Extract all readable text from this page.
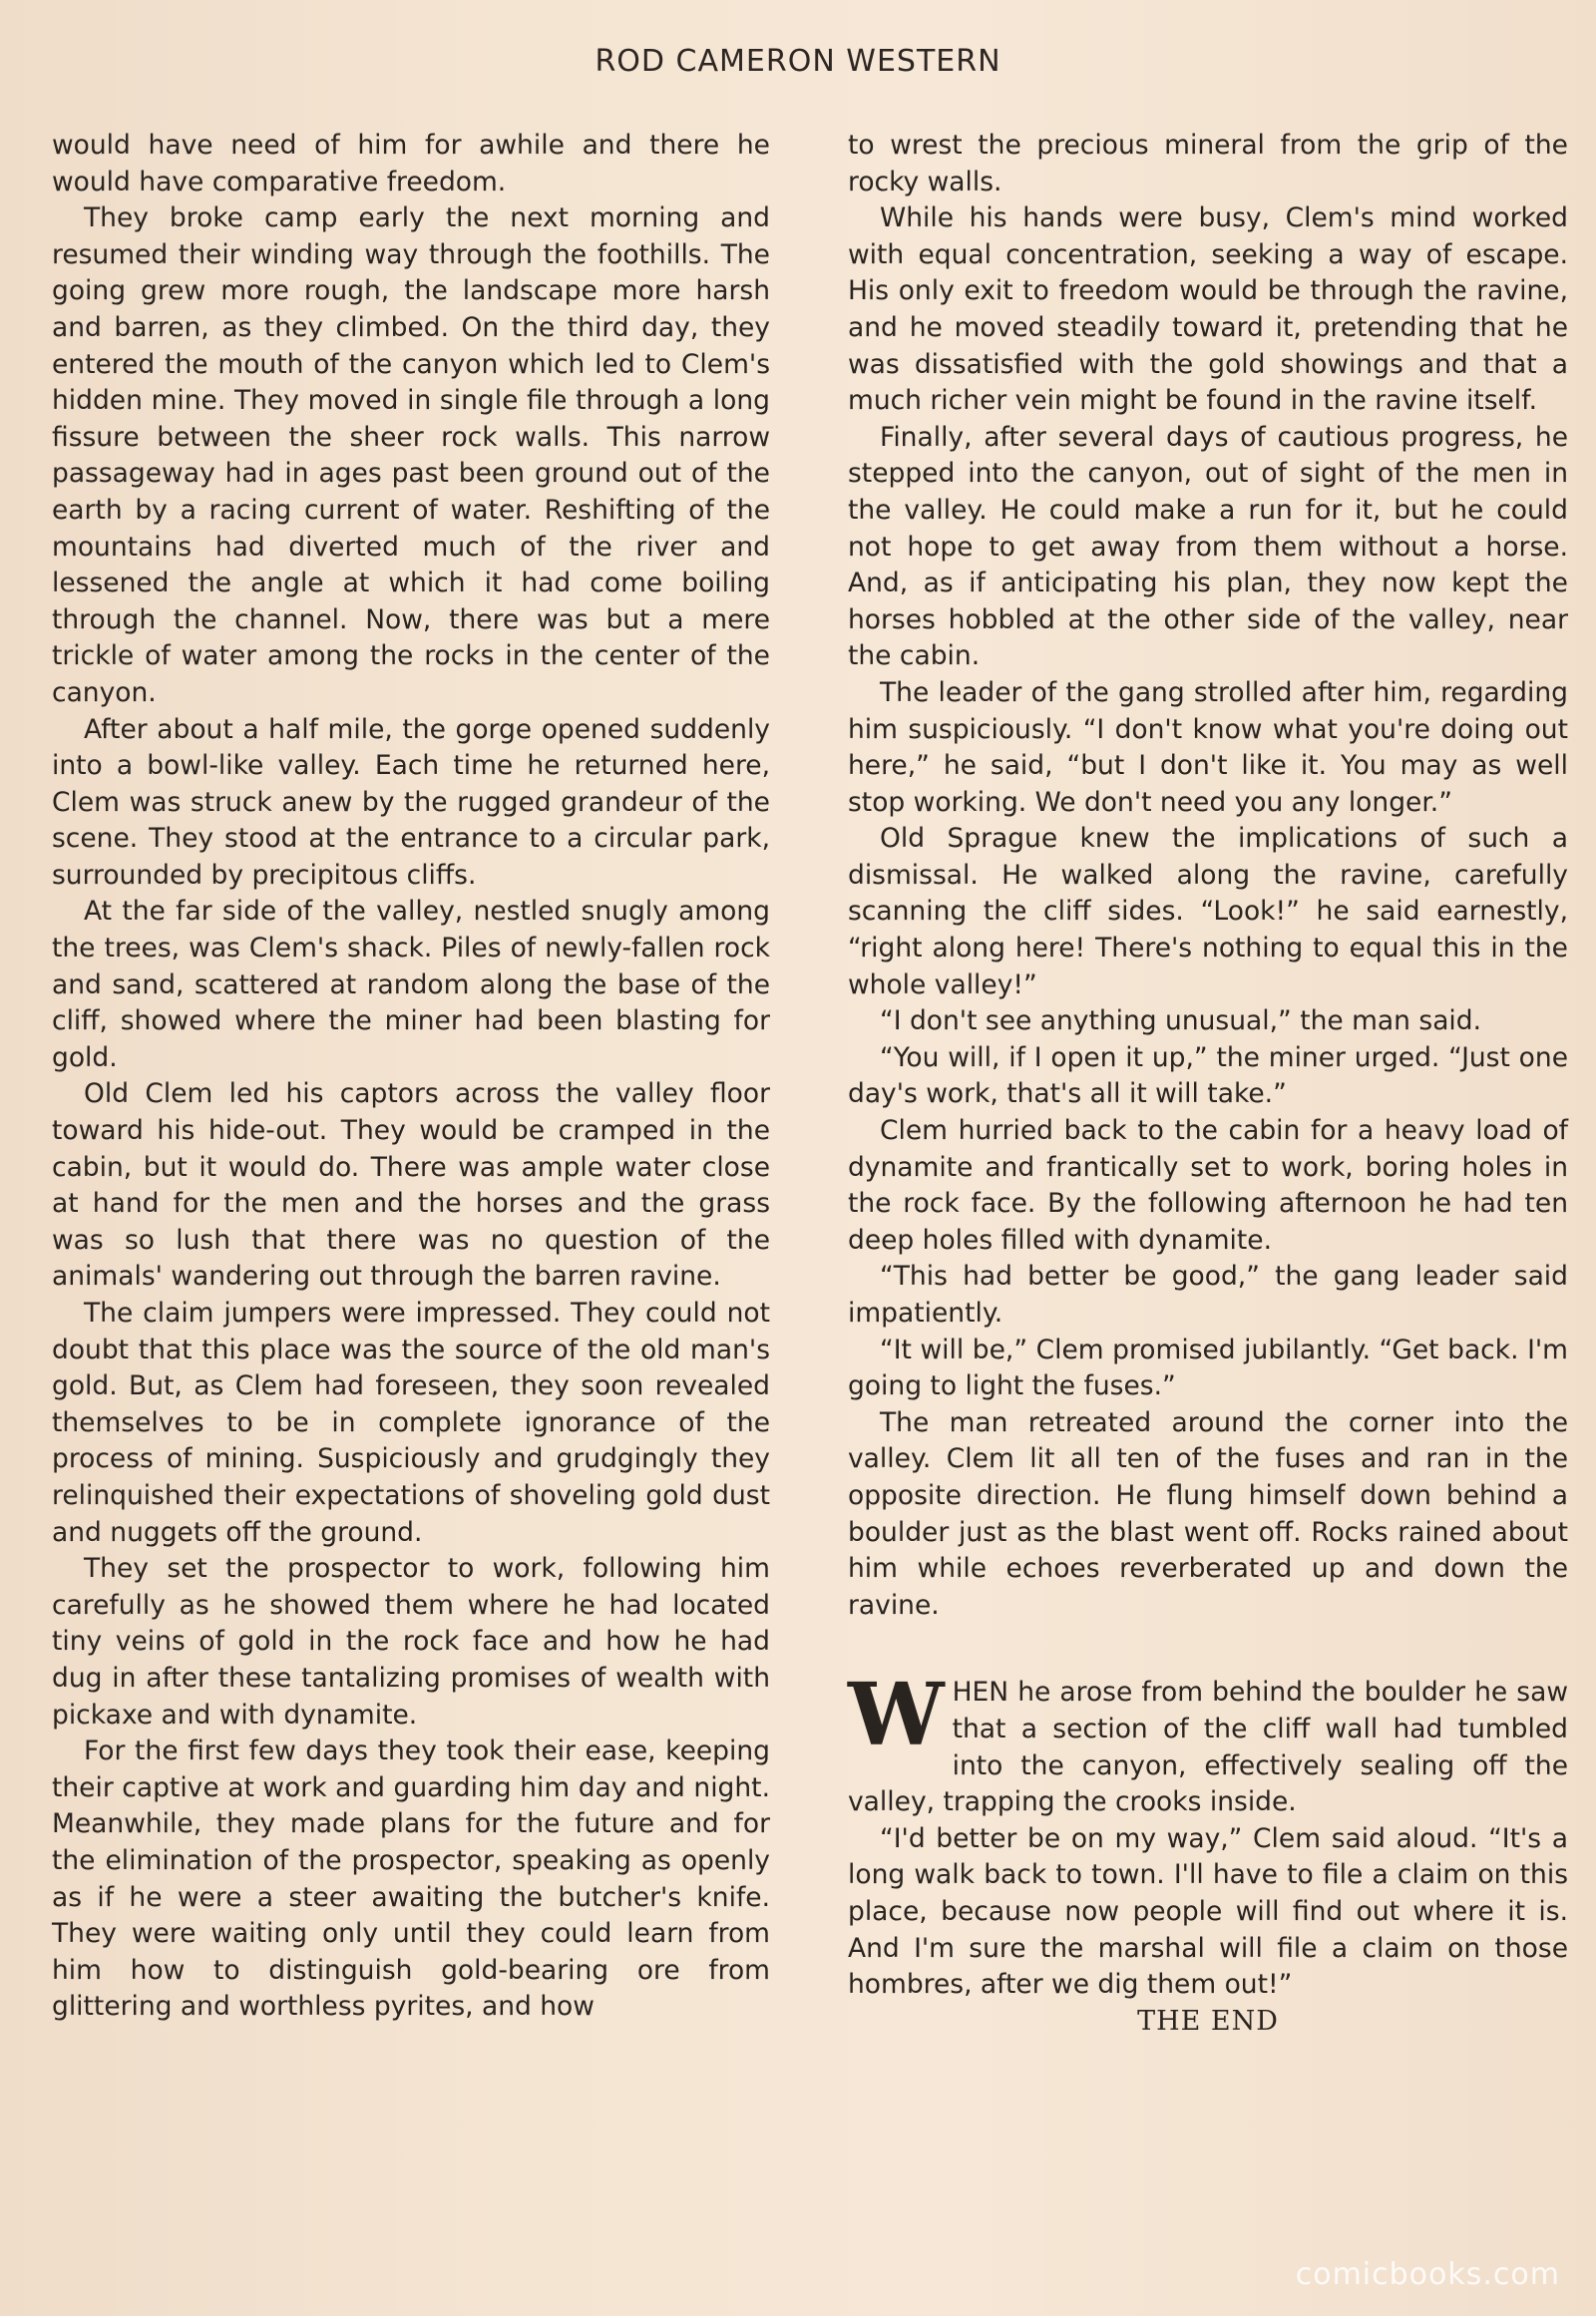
ROD CAMERON WESTERN

would have need of him for awhile and there he would have comparative freedom.

They broke camp early the next morning and resumed their winding way through the foothills. The going grew more rough, the landscape more harsh and barren, as they climbed. On the third day, they entered the mouth of the canyon which led to Clem's hidden mine. They moved in single file through a long fissure between the sheer rock walls. This narrow passageway had in ages past been ground out of the earth by a racing current of water. Reshifting of the mountains had diverted much of the river and lessened the angle at which it had come boiling through the channel. Now, there was but a mere trickle of water among the rocks in the center of the canyon.

After about a half mile, the gorge opened suddenly into a bowl-like valley. Each time he returned here, Clem was struck anew by the rugged grandeur of the scene. They stood at the entrance to a circular park, surrounded by precipitous cliffs.

At the far side of the valley, nestled snugly among the trees, was Clem's shack. Piles of newly-fallen rock and sand, scattered at random along the base of the cliff, showed where the miner had been blasting for gold.

Old Clem led his captors across the valley floor toward his hide-out. They would be cramped in the cabin, but it would do. There was ample water close at hand for the men and the horses and the grass was so lush that there was no question of the animals' wandering out through the barren ravine.

The claim jumpers were impressed. They could not doubt that this place was the source of the old man's gold. But, as Clem had foreseen, they soon revealed themselves to be in complete ignorance of the process of mining. Suspiciously and grudgingly they relinquished their expectations of shoveling gold dust and nuggets off the ground.

They set the prospector to work, following him carefully as he showed them where he had located tiny veins of gold in the rock face and how he had dug in after these tantalizing promises of wealth with pickaxe and with dynamite.

For the first few days they took their ease, keeping their captive at work and guarding him day and night. Meanwhile, they made plans for the future and for the elimination of the prospector, speaking as openly as if he were a steer awaiting the butcher's knife. They were waiting only until they could learn from him how to distinguish gold-bearing ore from glittering and worthless pyrites, and how

to wrest the precious mineral from the grip of the rocky walls.

While his hands were busy, Clem's mind worked with equal concentration, seeking a way of escape. His only exit to freedom would be through the ravine, and he moved steadily toward it, pretending that he was dissatisfied with the gold showings and that a much richer vein might be found in the ravine itself.

Finally, after several days of cautious progress, he stepped into the canyon, out of sight of the men in the valley. He could make a run for it, but he could not hope to get away from them without a horse. And, as if anticipating his plan, they now kept the horses hobbled at the other side of the valley, near the cabin.

The leader of the gang strolled after him, regarding him suspiciously. “I don't know what you're doing out here,” he said, “but I don't like it. You may as well stop working. We don't need you any longer.”

Old Sprague knew the implications of such a dismissal. He walked along the ravine, carefully scanning the cliff sides. “Look!” he said earnestly, “right along here! There's nothing to equal this in the whole valley!”

“I don't see anything unusual,” the man said.

“You will, if I open it up,” the miner urged. “Just one day's work, that's all it will take.”

Clem hurried back to the cabin for a heavy load of dynamite and frantically set to work, boring holes in the rock face. By the following afternoon he had ten deep holes filled with dynamite.

“This had better be good,” the gang leader said impatiently.

“It will be,” Clem promised jubilantly. “Get back. I'm going to light the fuses.”

The man retreated around the corner into the valley. Clem lit all ten of the fuses and ran in the opposite direction. He flung himself down behind a boulder just as the blast went off. Rocks rained about him while echoes reverberated up and down the ravine.

WHEN he arose from behind the boulder he saw that a section of the cliff wall had tumbled into the canyon, effectively sealing off the valley, trapping the crooks inside.

“I'd better be on my way,” Clem said aloud. “It's a long walk back to town. I'll have to file a claim on this place, because now people will find out where it is. And I'm sure the marshal will file a claim on those hombres, after we dig them out!”

THE END

comicbooks.com
